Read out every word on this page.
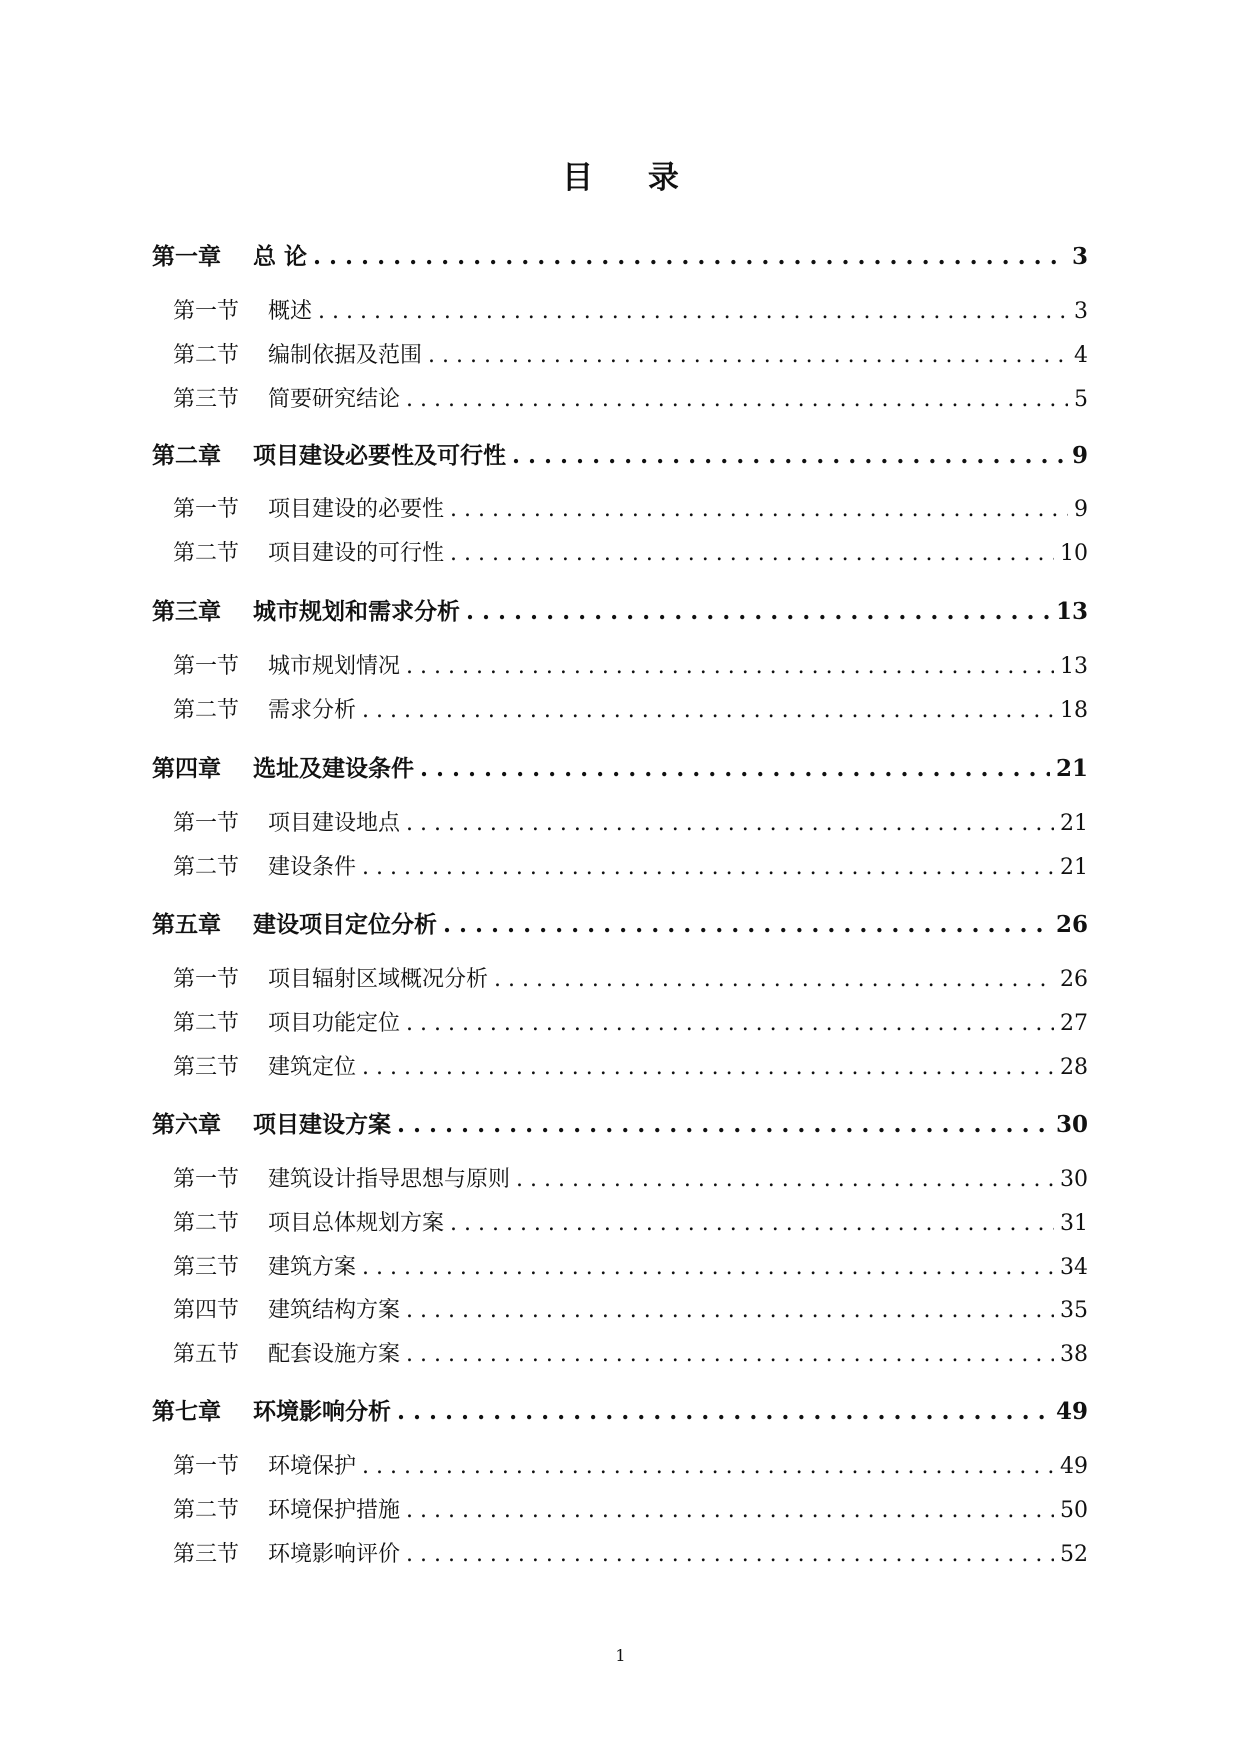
目 录
第一章	总 论 . . .	3
第一节	概述 . . .	3
第二节	编制依据及范围 . . .	4
第三节	简要研究结论 . . .	5
第二章	项目建设必要性及可行性 . . .	9
第一节	项目建设的必要性 . . .	9
第二节	项目建设的可行性 . . .	10
第三章	城市规划和需求分析 . . .	13
第一节	城市规划情况 . . .	13
第二节	需求分析 . . .	18
第四章	选址及建设条件 . . .	21
第一节	项目建设地点 . . .	21
第二节	建设条件 . . .	21
第五章	建设项目定位分析 . . .	26
第一节	项目辐射区域概况分析 . . .	26
第二节	项目功能定位 . . .	27
第三节	建筑定位 . . .	28
第六章	项目建设方案 . . .	30
第一节	建筑设计指导思想与原则 . . .	30
第二节	项目总体规划方案 . . .	31
第三节	建筑方案 . . .	34
第四节	建筑结构方案 . . .	35
第五节	配套设施方案 . . .	38
第七章	环境影响分析 . . .	49
第一节	环境保护 . . .	49
第二节	环境保护措施 . . .	50
第三节	环境影响评价 . . .	52
1
